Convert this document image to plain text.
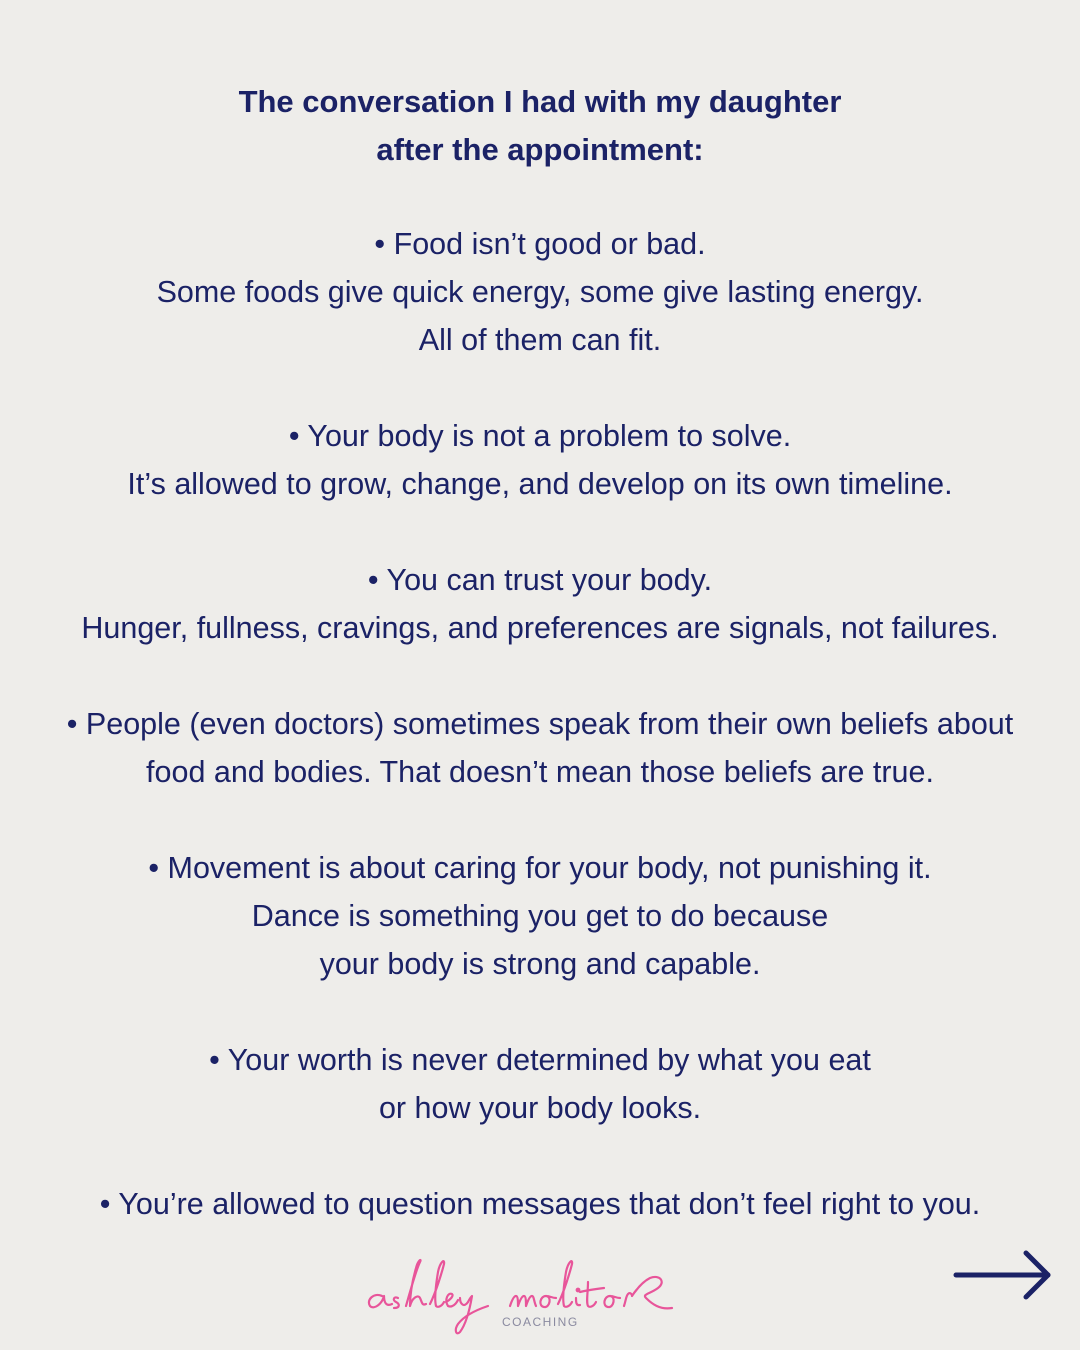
The conversation I had with my daughter
after the appointment:
• Food isn’t good or bad.
Some foods give quick energy, some give lasting energy.
All of them can fit.
• Your body is not a problem to solve.
It’s allowed to grow, change, and develop on its own timeline.
• You can trust your body.
Hunger, fullness, cravings, and preferences are signals, not failures.
• People (even doctors) sometimes speak from their own beliefs about
food and bodies. That doesn’t mean those beliefs are true.
• Movement is about caring for your body, not punishing it.
Dance is something you get to do because
your body is strong and capable.
• Your worth is never determined by what you eat
or how your body looks.
• You’re allowed to question messages that don’t feel right to you.
COACHING
